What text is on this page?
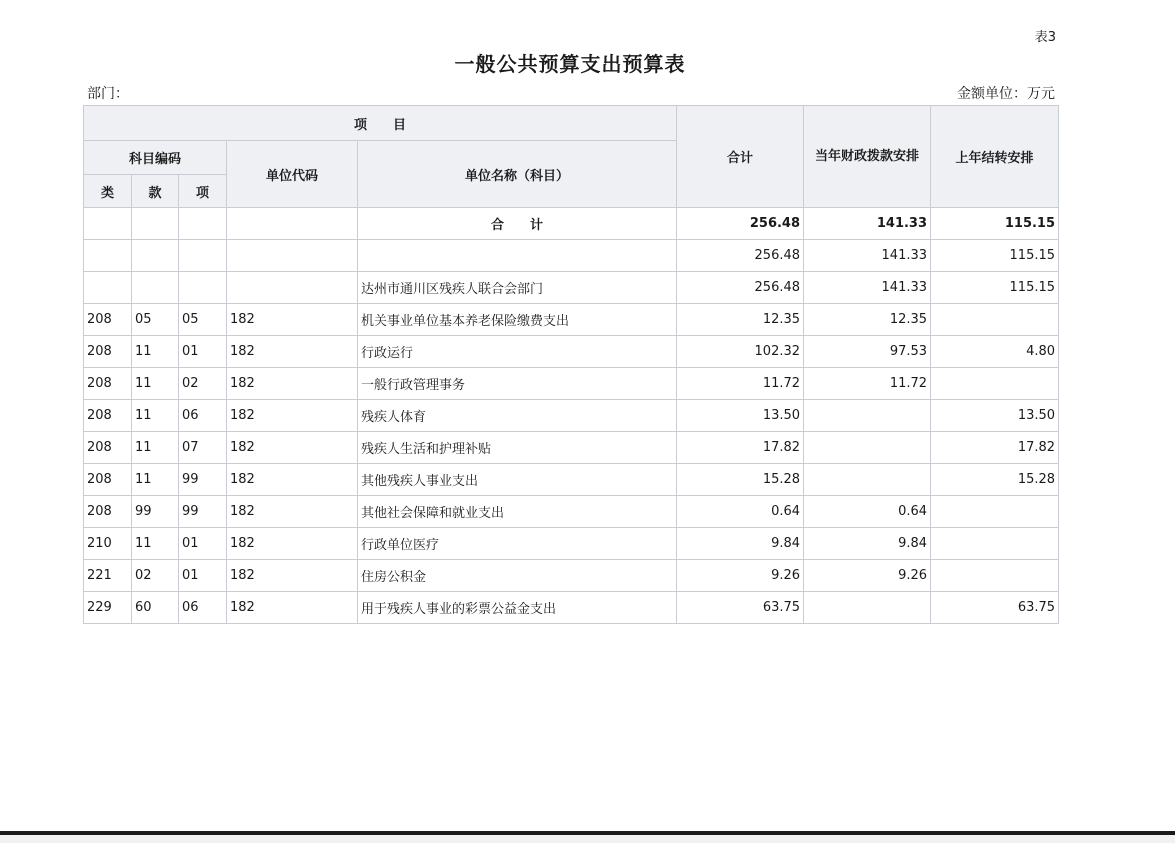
表3
一般公共预算支出预算表
部门：	金额单位：万元
项　　目					合计	当年财政拨款安排	上年结转安排
科目编码			单位代码	单位名称（科目）			
类	款	项					
				合　　计	256.48	141.33	115.15
					256.48	141.33	115.15
				达州市通川区残疾人联合会部门	256.48	141.33	115.15
208	05	05	182	机关事业单位基本养老保险缴费支出	12.35	12.35	
208	11	01	182	行政运行	102.32	97.53	4.80
208	11	02	182	一般行政管理事务	11.72	11.72	
208	11	06	182	残疾人体育	13.50		13.50
208	11	07	182	残疾人生活和护理补贴	17.82		17.82
208	11	99	182	其他残疾人事业支出	15.28		15.28
208	99	99	182	其他社会保障和就业支出	0.64	0.64	
210	11	01	182	行政单位医疗	9.84	9.84	
221	02	01	182	住房公积金	9.26	9.26	
229	60	06	182	用于残疾人事业的彩票公益金支出	63.75		63.75
